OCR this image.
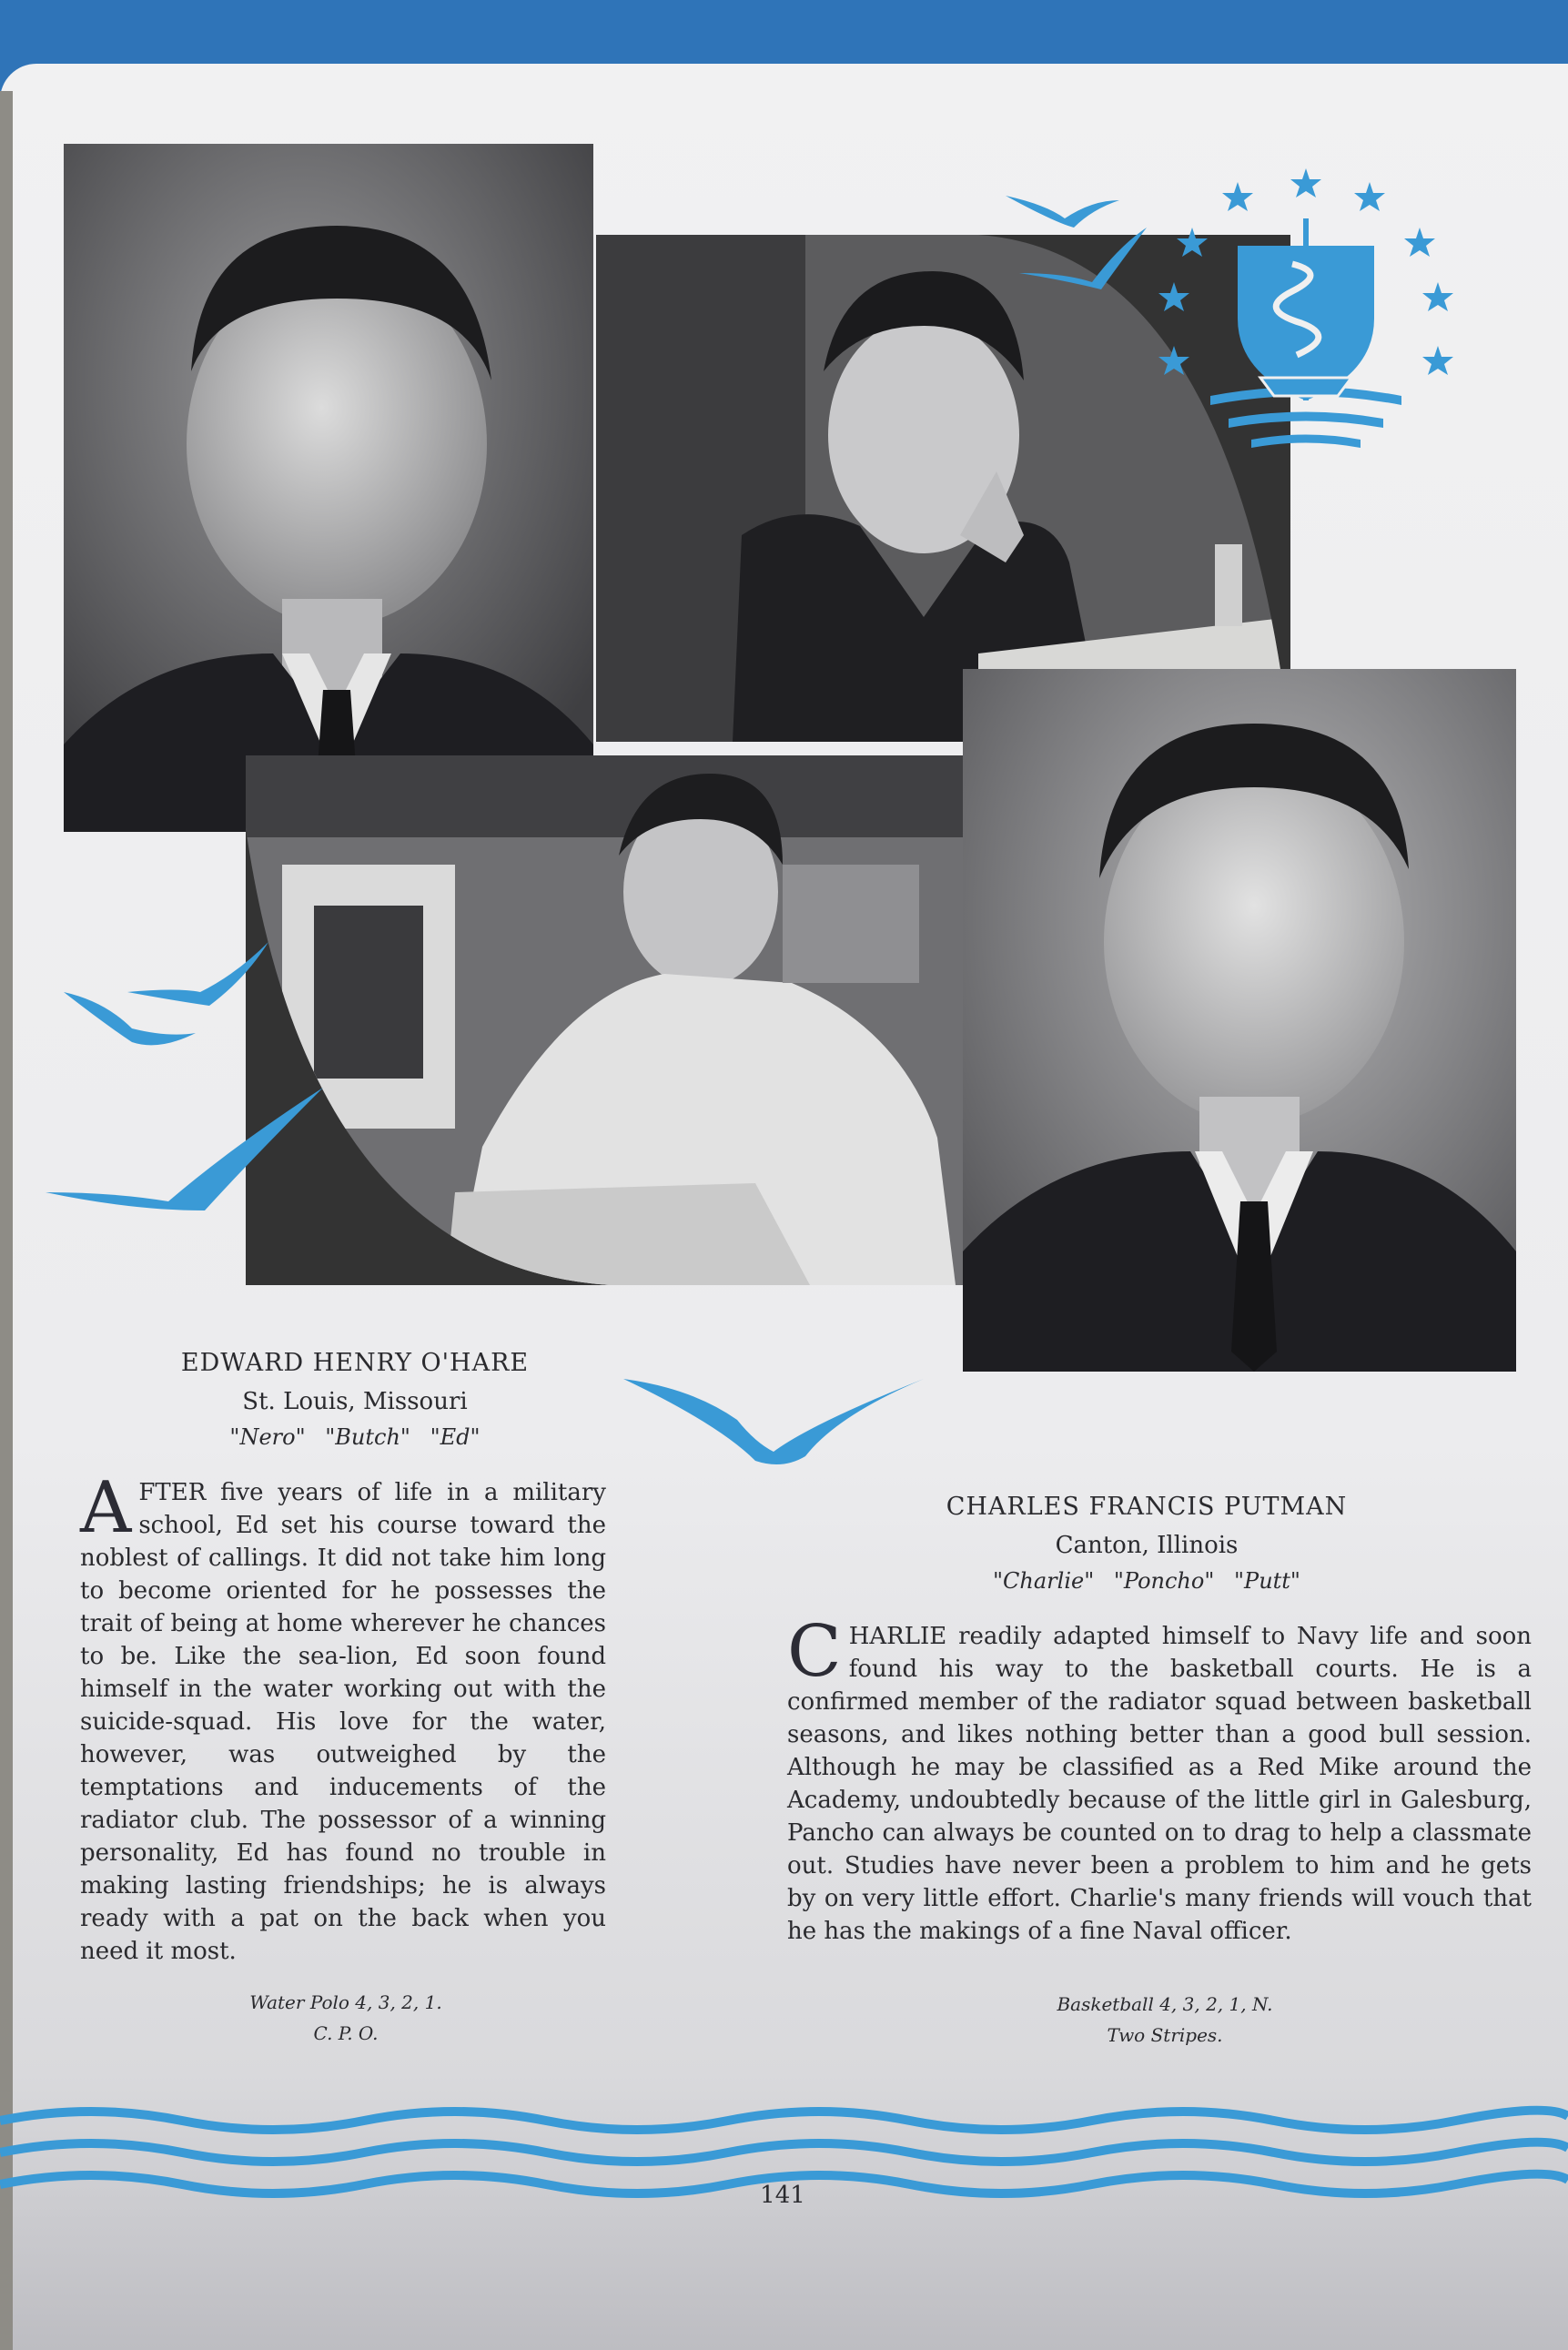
EDWARD HENRY O'HARE
St. Louis, Missouri
"Nero" "Butch" "Ed"
AFTER five years of life in a military school, Ed set his course toward the noblest of callings. It did not take him long to become oriented for he possesses the trait of being at home wherever he chances to be. Like the sea-lion, Ed soon found himself in the water working out with the suicide-squad. His love for the water, however, was outweighed by the temptations and inducements of the radiator club. The possessor of a winning personality, Ed has found no trouble in making lasting friendships; he is always ready with a pat on the back when you need it most.
Water Polo 4, 3, 2, 1.
C. P. O.
CHARLES FRANCIS PUTMAN
Canton, Illinois
"Charlie" "Poncho" "Putt"
CHARLIE readily adapted himself to Navy life and soon found his way to the basketball courts. He is a confirmed member of the radiator squad between basketball seasons, and likes nothing better than a good bull session. Although he may be classified as a Red Mike around the Academy, undoubtedly because of the little girl in Galesburg, Pancho can always be counted on to drag to help a classmate out. Studies have never been a problem to him and he gets by on very little effort. Charlie's many friends will vouch that he has the makings of a fine Naval officer.
Basketball 4, 3, 2, 1, N.
Two Stripes.
141
